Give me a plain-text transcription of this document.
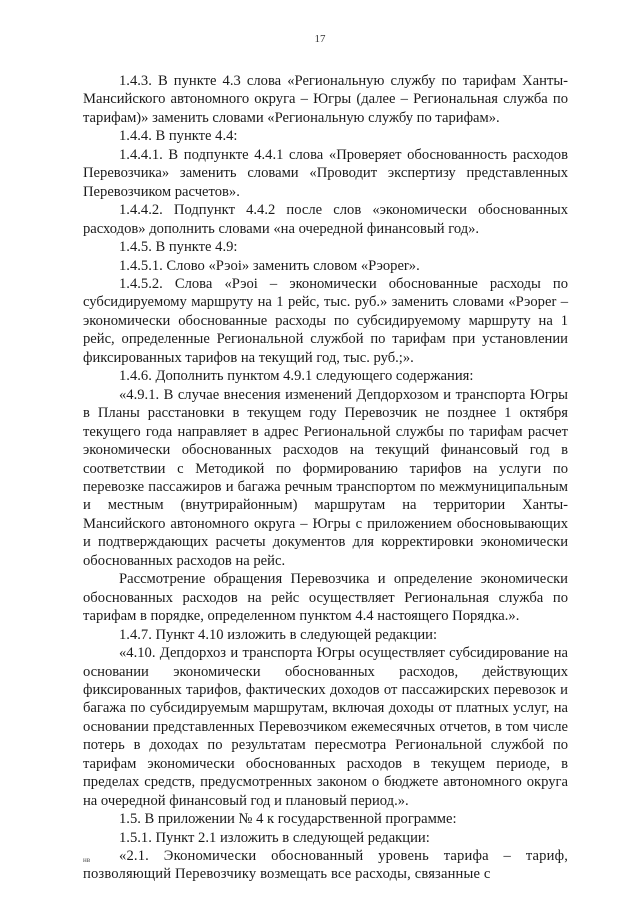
17

1.4.3. В пункте 4.3 слова «Региональную службу по тарифам Ханты-Мансийского автономного округа – Югры (далее – Региональная служба по тарифам)» заменить словами «Региональную службу по тарифам».

1.4.4. В пункте 4.4:

1.4.4.1. В подпункте 4.4.1 слова «Проверяет обоснованность расходов Перевозчика» заменить словами «Проводит экспертизу представленных Перевозчиком расчетов».

1.4.4.2. Подпункт 4.4.2 после слов «экономически обоснованных расходов» дополнить словами «на очередной финансовый год».

1.4.5. В пункте 4.9:

1.4.5.1. Слово «Рэоi» заменить словом «Рэоper».

1.4.5.2. Слова «Рэоi – экономически обоснованные расходы по субсидируемому маршруту на 1 рейс, тыс. руб.» заменить словами «Рэоper – экономически обоснованные расходы по субсидируемому маршруту на 1 рейс, определенные Региональной службой по тарифам при установлении фиксированных тарифов на текущий год, тыс. руб.;».

1.4.6. Дополнить пунктом 4.9.1 следующего содержания:

«4.9.1. В случае внесения изменений Депдорхозом и транспорта Югры в Планы расстановки в текущем году Перевозчик не позднее 1 октября текущего года направляет в адрес Региональной службы по тарифам расчет экономически обоснованных расходов на текущий финансовый год в соответствии с Методикой по формированию тарифов на услуги по перевозке пассажиров и багажа речным транспортом по межмуниципальным и местным (внутрирайонным) маршрутам на территории Ханты-Мансийского автономного округа – Югры с приложением обосновывающих и подтверждающих расчеты документов для корректировки экономически обоснованных расходов на рейс.

Рассмотрение обращения Перевозчика и определение экономически обоснованных расходов на рейс осуществляет Региональная служба по тарифам в порядке, определенном пунктом 4.4 настоящего Порядка.».

1.4.7. Пункт 4.10 изложить в следующей редакции:

«4.10. Депдорхоз и транспорта Югры осуществляет субсидирование на основании экономически обоснованных расходов, действующих фиксированных тарифов, фактических доходов от пассажирских перевозок и багажа по субсидируемым маршрутам, включая доходы от платных услуг, на основании представленных Перевозчиком ежемесячных отчетов, в том числе потерь в доходах по результатам пересмотра Региональной службой по тарифам экономически обоснованных расходов в текущем периоде, в пределах средств, предусмотренных законом о бюджете автономного округа на очередной финансовый год и плановый период.».

1.5. В приложении № 4 к государственной программе:

1.5.1. Пункт 2.1 изложить в следующей редакции:

«2.1. Экономически обоснованный уровень тарифа – тариф, позволяющий Перевозчику возмещать все расходы, связанные с

нв
